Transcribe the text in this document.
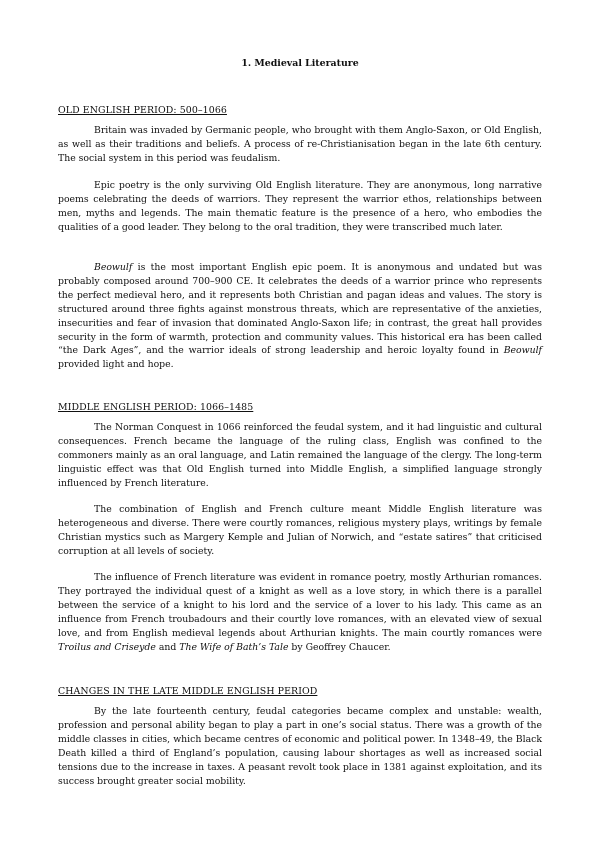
1. Medieval Literature
OLD ENGLISH PERIOD: 500–1066

Britain was invaded by Germanic people, who brought with them Anglo-Saxon, or Old English, as well as their traditions and beliefs. A process of re-Christianisation began in the late 6th century. The social system in this period was feudalism.

Epic poetry is the only surviving Old English literature. They are anonymous, long narrative poems celebrating the deeds of warriors. They represent the warrior ethos, relationships between men, myths and legends. The main thematic feature is the presence of a hero, who embodies the qualities of a good leader. They belong to the oral tradition, they were transcribed much later.

Beowulf is the most important English epic poem. It is anonymous and undated but was probably composed around 700–900 CE. It celebrates the deeds of a warrior prince who represents the perfect medieval hero, and it represents both Christian and pagan ideas and values. The story is structured around three fights against monstrous threats, which are representative of the anxieties, insecurities and fear of invasion that dominated Anglo-Saxon life; in contrast, the great hall provides security in the form of warmth, protection and community values. This historical era has been called “the Dark Ages”, and the warrior ideals of strong leadership and heroic loyalty found in Beowulf provided light and hope.

MIDDLE ENGLISH PERIOD: 1066–1485

The Norman Conquest in 1066 reinforced the feudal system, and it had linguistic and cultural consequences. French became the language of the ruling class, English was confined to the commoners mainly as an oral language, and Latin remained the language of the clergy. The long-term linguistic effect was that Old English turned into Middle English, a simplified language strongly influenced by French literature.

The combination of English and French culture meant Middle English literature was heterogeneous and diverse. There were courtly romances, religious mystery plays, writings by female Christian mystics such as Margery Kemple and Julian of Norwich, and “estate satires” that criticised corruption at all levels of society.

The influence of French literature was evident in romance poetry, mostly Arthurian romances. They portrayed the individual quest of a knight as well as a love story, in which there is a parallel between the service of a knight to his lord and the service of a lover to his lady. This came as an influence from French troubadours and their courtly love romances, with an elevated view of sexual love, and from English medieval legends about Arthurian knights. The main courtly romances were Troilus and Criseyde and The Wife of Bath’s Tale by Geoffrey Chaucer.

CHANGES IN THE LATE MIDDLE ENGLISH PERIOD

By the late fourteenth century, feudal categories became complex and unstable: wealth, profession and personal ability began to play a part in one’s social status. There was a growth of the middle classes in cities, which became centres of economic and political power. In 1348–49, the Black Death killed a third of England’s population, causing labour shortages as well as increased social tensions due to the increase in taxes. A peasant revolt took place in 1381 against exploitation, and its success brought greater social mobility.
